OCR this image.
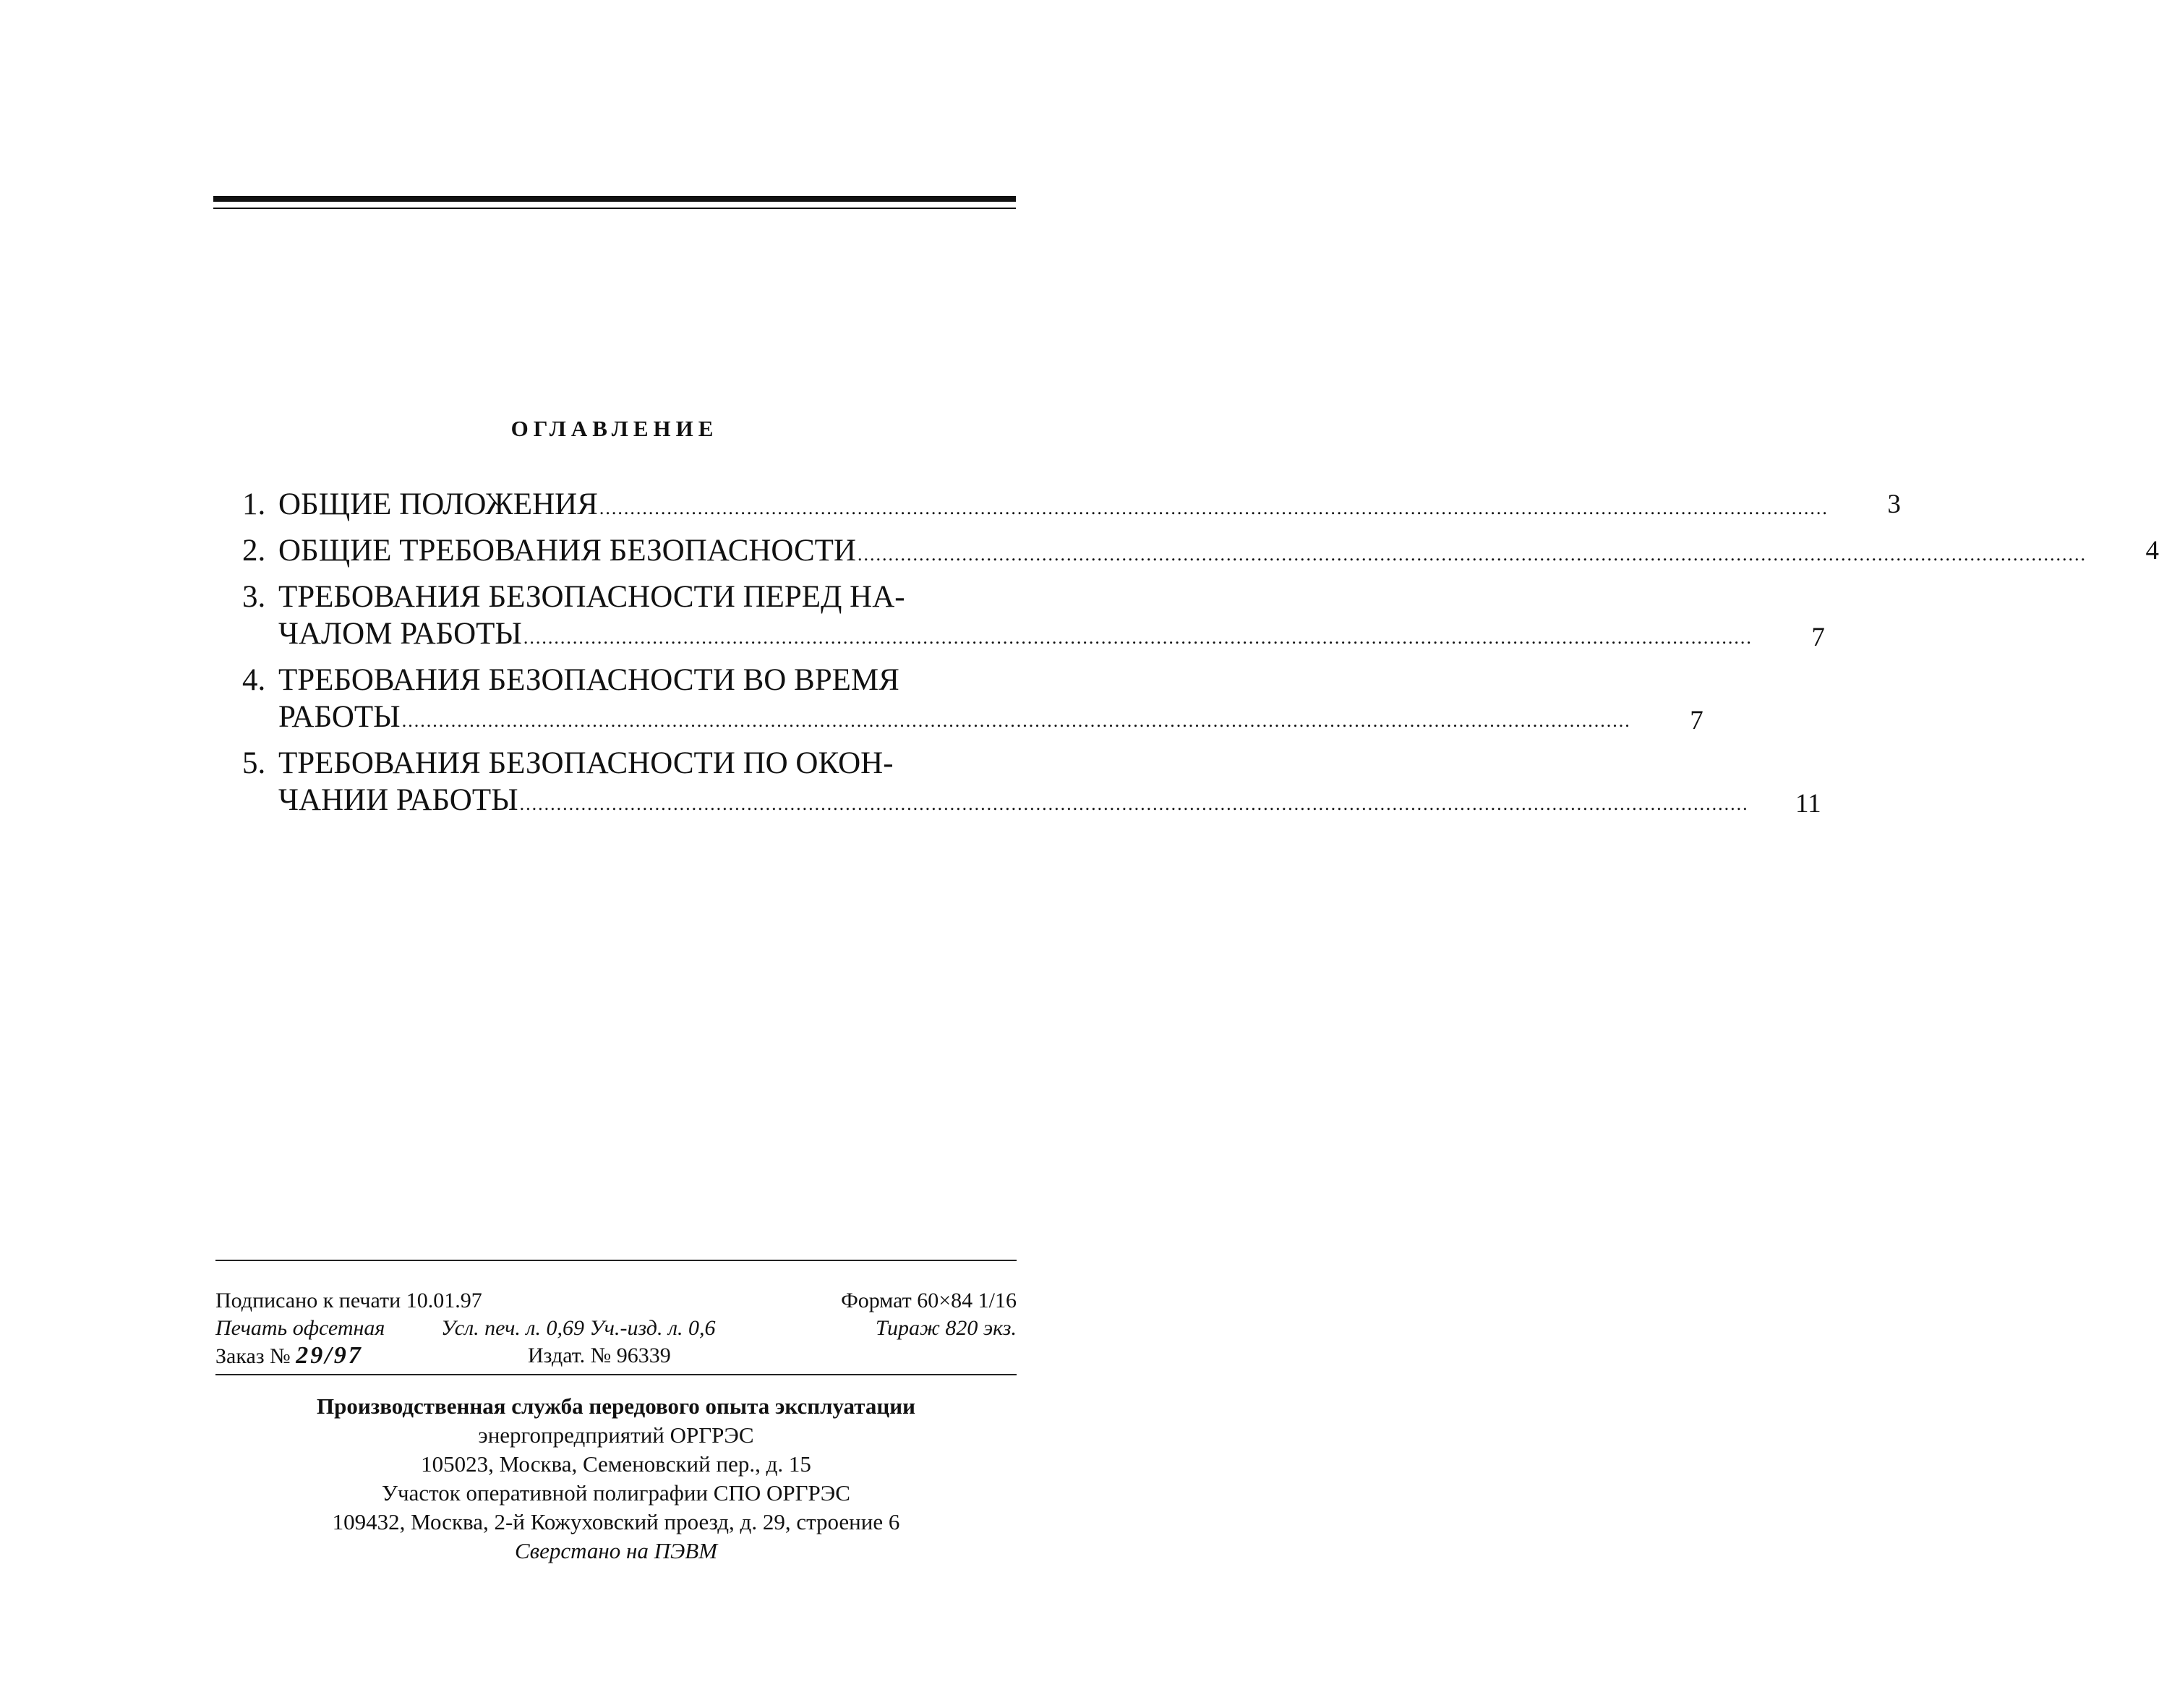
ОГЛАВЛЕНИЕ
1. ОБЩИЕ ПОЛОЖЕНИЯ ........................................................................................................................................................................................................	3
2. ОБЩИЕ ТРЕБОВАНИЯ БЕЗОПАСНОСТИ ........................................................................................................................................................................................................	4
3. ТРЕБОВАНИЯ БЕЗОПАСНОСТИ ПЕРЕД НА-
ЧАЛОМ РАБОТЫ ........................................................................................................................................................................................................	7
4. ТРЕБОВАНИЯ БЕЗОПАСНОСТИ ВО ВРЕМЯ
РАБОТЫ ........................................................................................................................................................................................................	7
5. ТРЕБОВАНИЯ БЕЗОПАСНОСТИ ПО ОКОН-
ЧАНИИ РАБОТЫ ........................................................................................................................................................................................................	11
Подписано к печати 10.01.97	Формат 60×84 1/16
Печать офсетная	Усл. печ. л. 0,69 Уч.-изд. л. 0,6	Тираж 820 экз.
Заказ № 29/97	Издат. № 96339
Производственная служба передового опыта эксплуатации
энергопредприятий ОРГРЭС
105023, Москва, Семеновский пер., д. 15
Участок оперативной полиграфии СПО ОРГРЭС
109432, Москва, 2-й Кожуховский проезд, д. 29, строение 6
Сверстано на ПЭВМ
